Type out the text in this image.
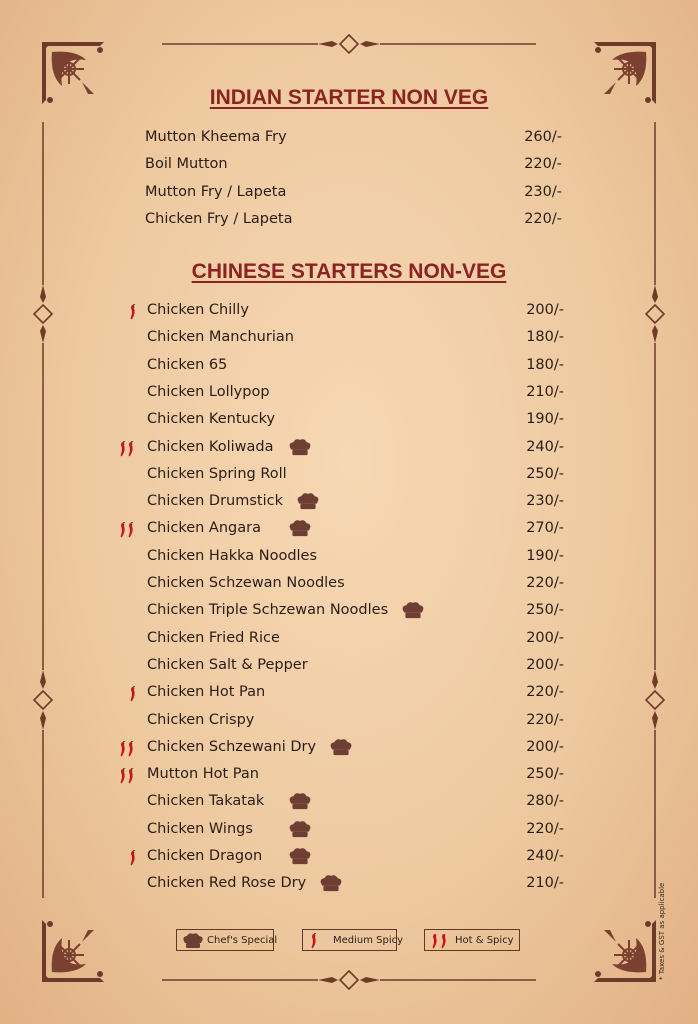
INDIAN STARTER NON VEG
Mutton Kheema Fry	260/-
Boil Mutton	220/-
Mutton Fry / Lapeta	230/-
Chicken Fry / Lapeta	220/-
CHINESE STARTERS NON-VEG
Chicken Chilly	200/-
Chicken Manchurian	180/-
Chicken 65	180/-
Chicken Lollypop	210/-
Chicken Kentucky	190/-
Chicken Koliwada	240/-
Chicken Spring Roll	250/-
Chicken Drumstick	230/-
Chicken Angara	270/-
Chicken Hakka Noodles	190/-
Chicken Schzewan Noodles	220/-
Chicken Triple Schzewan Noodles	250/-
Chicken Fried Rice	200/-
Chicken Salt & Pepper	200/-
Chicken Hot Pan	220/-
Chicken Crispy	220/-
Chicken Schzewani Dry	200/-
Mutton Hot Pan	250/-
Chicken Takatak	280/-
Chicken Wings	220/-
Chicken Dragon	240/-
Chicken Red Rose Dry	210/-
Chef's Special	Medium Spicy	Hot & Spicy	* Taxes & GST as applicable
